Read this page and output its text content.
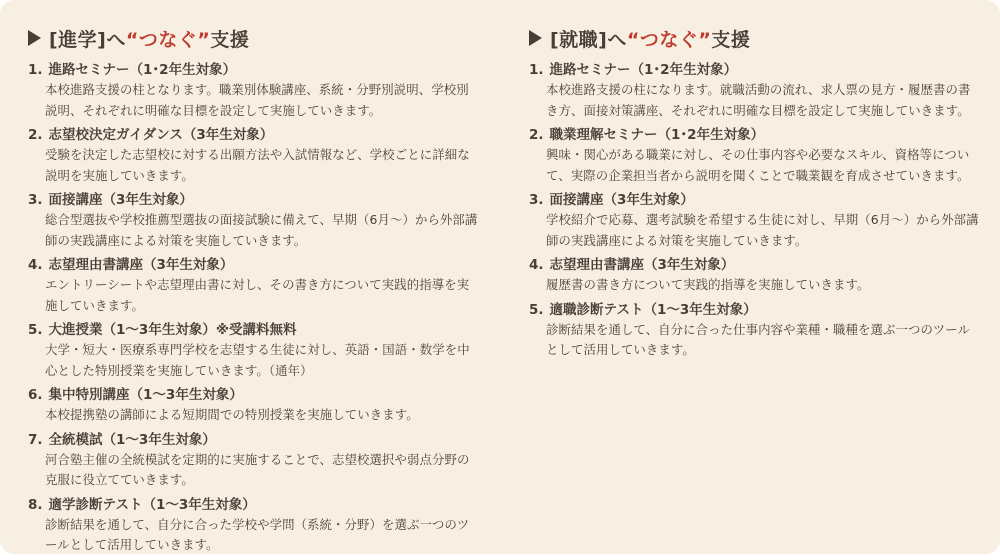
[進学]へ “つなぐ” 支援
1. 進路セミナー（1･2年生対象）
本校進路支援の柱となります。職業別体験講座、系統・分野別説明、学校別説明、それぞれに明確な目標を設定して実施していきます。
2. 志望校決定ガイダンス（3年生対象）
受験を決定した志望校に対する出願方法や入試情報など、学校ごとに詳細な説明を実施していきます。
3. 面接講座（3年生対象）
総合型選抜や学校推薦型選抜の面接試験に備えて、早期（6月〜）から外部講師の実践講座による対策を実施していきます。
4. 志望理由書講座（3年生対象）
エントリーシートや志望理由書に対し、その書き方について実践的指導を実施していきます。
5. 大進授業（1〜3年生対象）※受講料無料
大学・短大・医療系専門学校を志望する生徒に対し、英語・国語・数学を中心とした特別授業を実施していきます。（通年）
6. 集中特別講座（1〜3年生対象）
本校提携塾の講師による短期間での特別授業を実施していきます。
7. 全統模試（1〜3年生対象）
河合塾主催の全統模試を定期的に実施することで、志望校選択や弱点分野の克服に役立てていきます。
8. 適学診断テスト（1〜3年生対象）
診断結果を通して、自分に合った学校や学問（系統・分野）を選ぶ一つのツールとして活用していきます。
[就職]へ “つなぐ” 支援
1. 進路セミナー（1･2年生対象）
本校進路支援の柱になります。就職活動の流れ、求人票の見方・履歴書の書き方、面接対策講座、それぞれに明確な目標を設定して実施していきます。
2. 職業理解セミナー（1･2年生対象）
興味・関心がある職業に対し、その仕事内容や必要なスキル、資格等について、実際の企業担当者から説明を聞くことで職業観を育成させていきます。
3. 面接講座（3年生対象）
学校紹介で応募、選考試験を希望する生徒に対し、早期（6月〜）から外部講師の実践講座による対策を実施していきます。
4. 志望理由書講座（3年生対象）
履歴書の書き方について実践的指導を実施していきます。
5. 適職診断テスト（1〜3年生対象）
診断結果を通して、自分に合った仕事内容や業種・職種を選ぶ一つのツールとして活用していきます。
